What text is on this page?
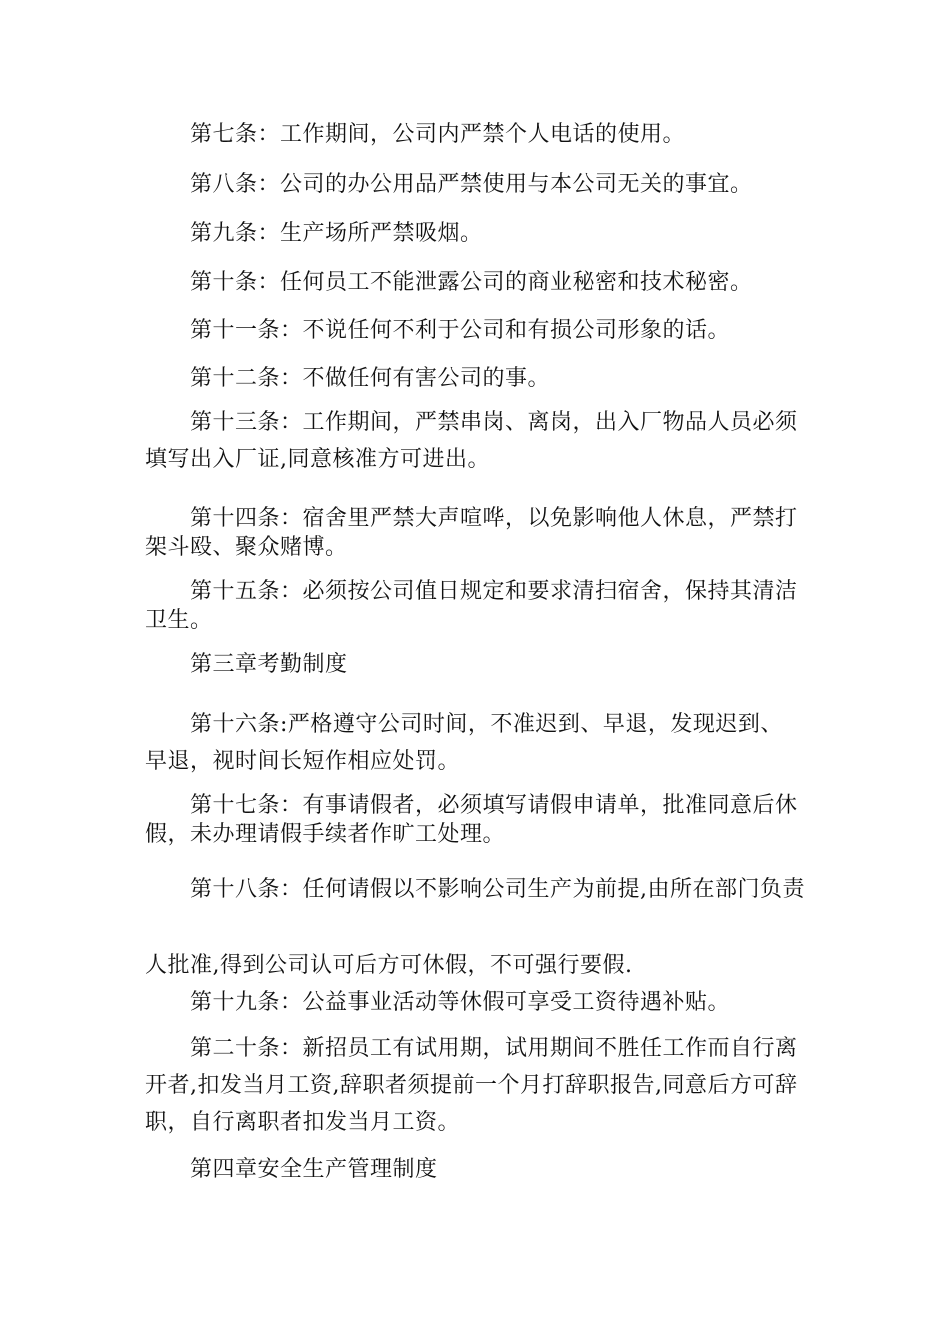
第七条：工作期间，公司内严禁个人电话的使用。

第八条：公司的办公用品严禁使用与本公司无关的事宜。

第九条：生产场所严禁吸烟。

第十条：任何员工不能泄露公司的商业秘密和技术秘密。

第十一条：不说任何不利于公司和有损公司形象的话。

第十二条：不做任何有害公司的事。

第十三条：工作期间，严禁串岗、离岗，出入厂物品人员必须填写出入厂证,同意核准方可进出。

第十四条：宿舍里严禁大声喧哗，以免影响他人休息，严禁打架斗殴、聚众赌博。

第十五条：必须按公司值日规定和要求清扫宿舍，保持其清洁卫生。

第三章考勤制度

第十六条:严格遵守公司时间，不准迟到、早退，发现迟到、早退，视时间长短作相应处罚。

第十七条：有事请假者，必须填写请假申请单，批准同意后休假，未办理请假手续者作旷工处理。

第十八条：任何请假以不影响公司生产为前提,由所在部门负责人批准,得到公司认可后方可休假，不可强行要假.

第十九条：公益事业活动等休假可享受工资待遇补贴。

第二十条：新招员工有试用期，试用期间不胜任工作而自行离开者,扣发当月工资,辞职者须提前一个月打辞职报告,同意后方可辞职，自行离职者扣发当月工资。

第四章安全生产管理制度
